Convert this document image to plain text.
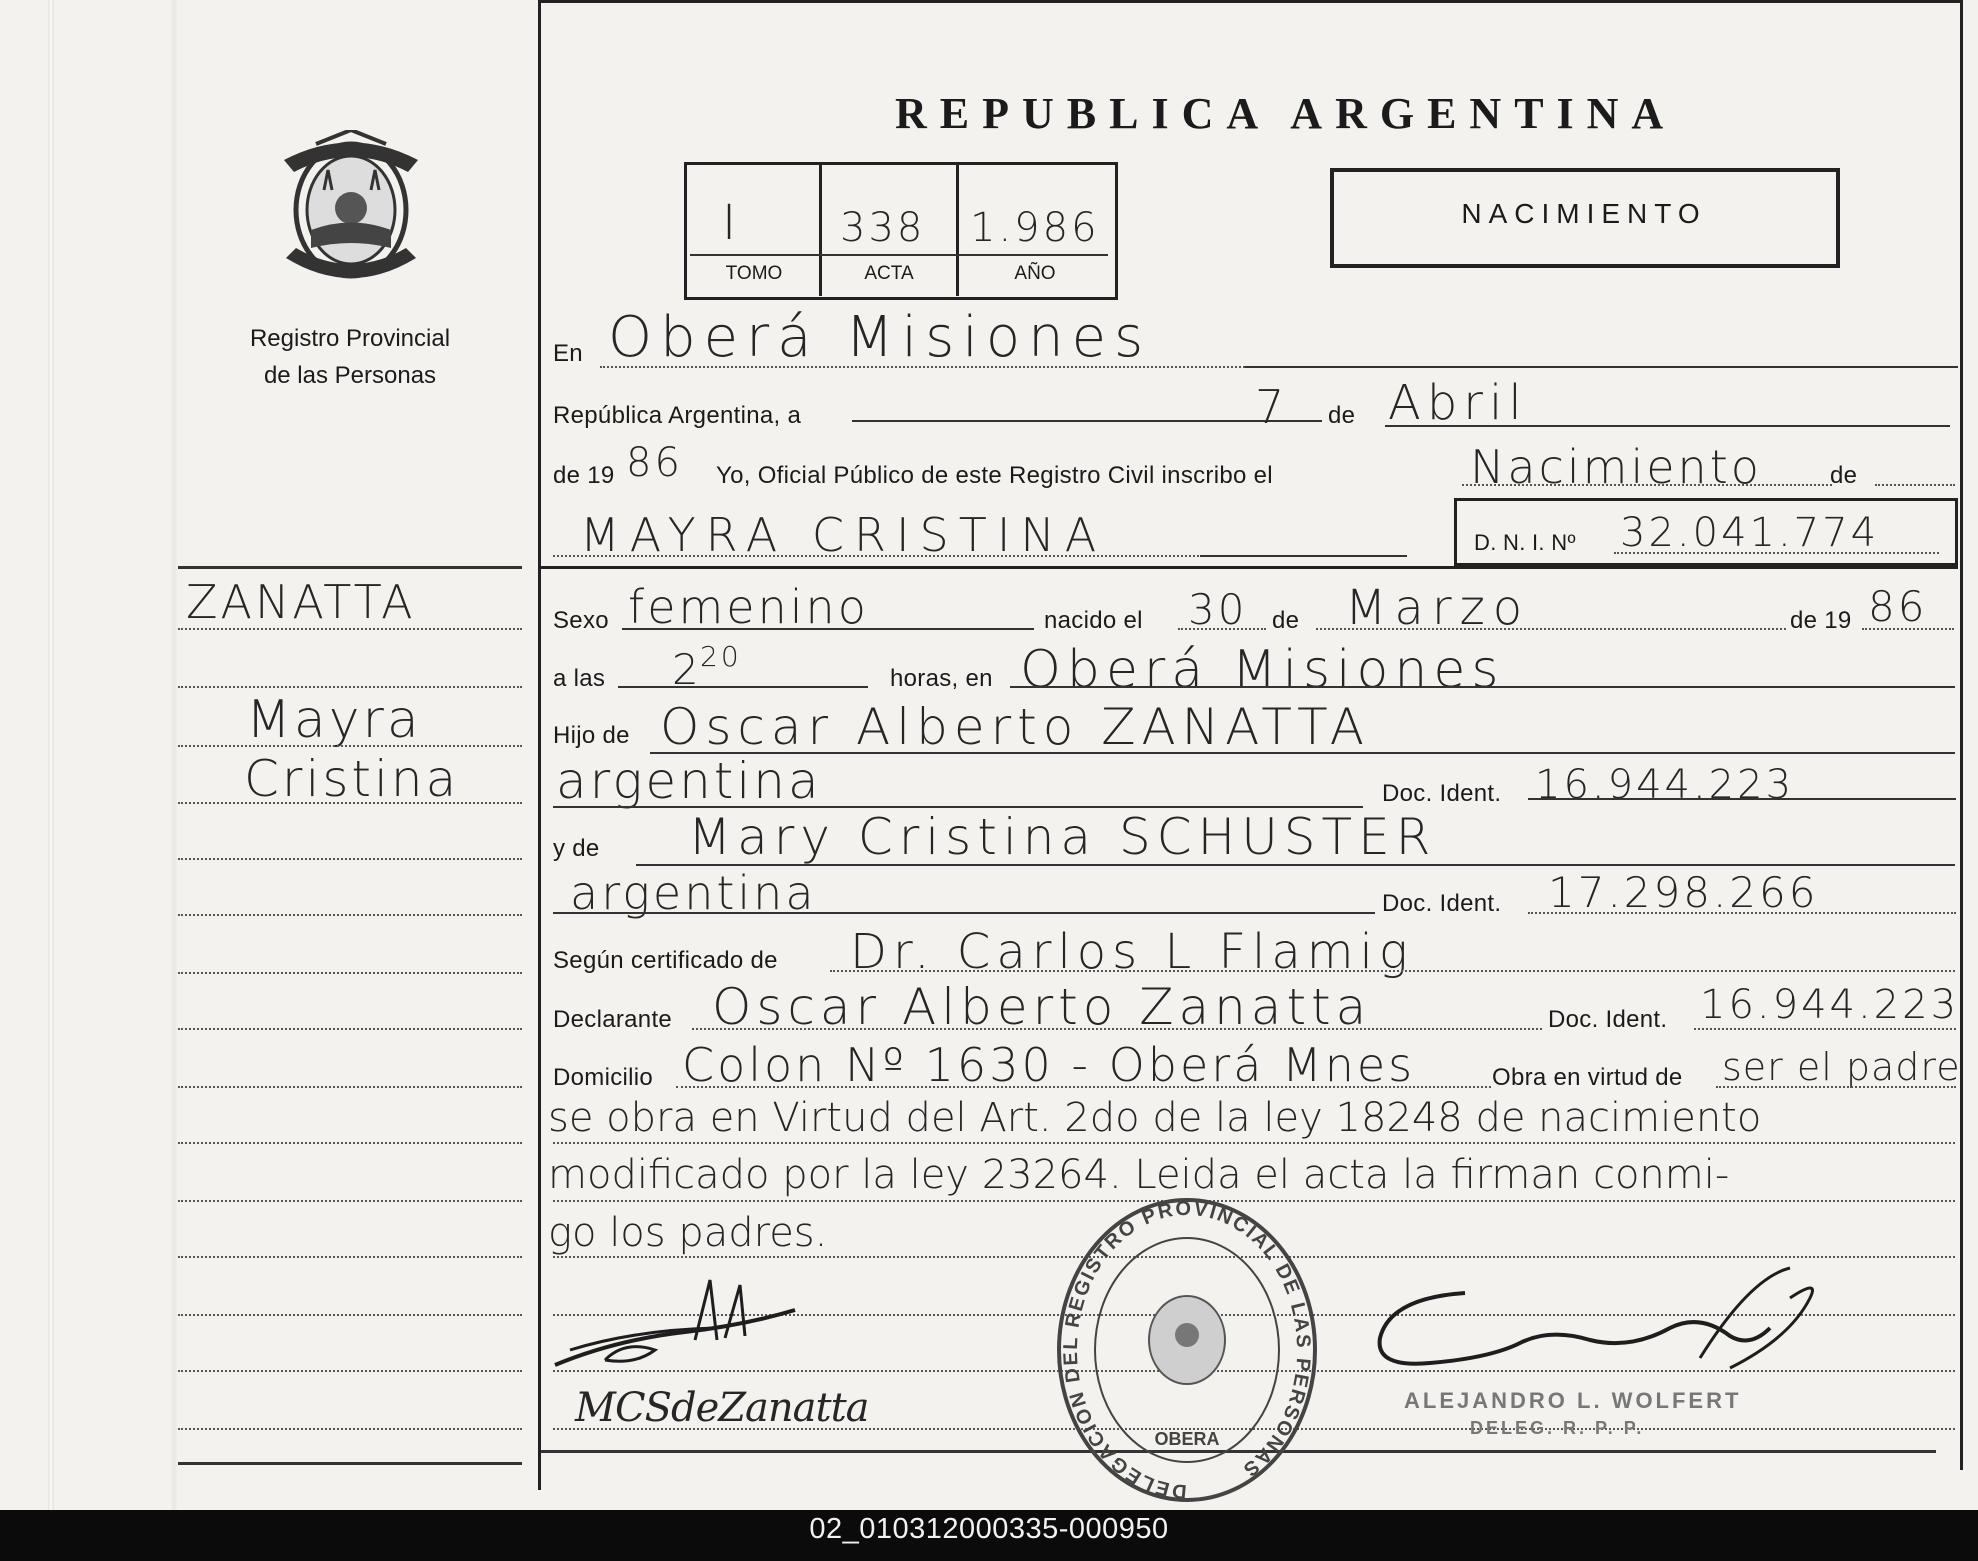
Registro Provincial
de las Personas
REPUBLICA ARGENTINA
I	338 1.986
TOMO	ACTA	AÑO
NACIMIENTO
ZANATTA
Mayra
Cristina
En Oberá Misiones
República Argentina, a	7 de Abril
de 19 86 Yo, Oficial Público de este Registro Civil inscribo el	Nacimiento	de
MAYRA CRISTINA	D. N. I. Nº 32.041.774
Sexo femenino	nacido el 30 de Marzo	de 19 86
a las 2
20
horas, en Oberá Misiones
Hijo de Oscar Alberto ZANATTA
argentina	Doc. Ident. 16.944.223
y de Mary Cristina SCHUSTER
argentina	Doc. Ident. 17.298.266
Según certificado de Dr. Carlos L Flamig
Declarante Oscar Alberto Zanatta	Doc. Ident. 16.944.223
Domicilio Colon Nº 1630 - Oberá Mnes	Obra en virtud de ser el padre
se obra en Virtud del Art. 2do de la ley 18248 de nacimiento
modificado por la ley 23264. Leida el acta la firman conmi-
go los padres.
MCSdeZanatta
DELEGACION DEL REGISTRO PROVINCIAL DE LAS PERSONAS
OBERA
ALEJANDRO L. WOLFERT
DELEG. R. P. P.
02_010312000335-000950
